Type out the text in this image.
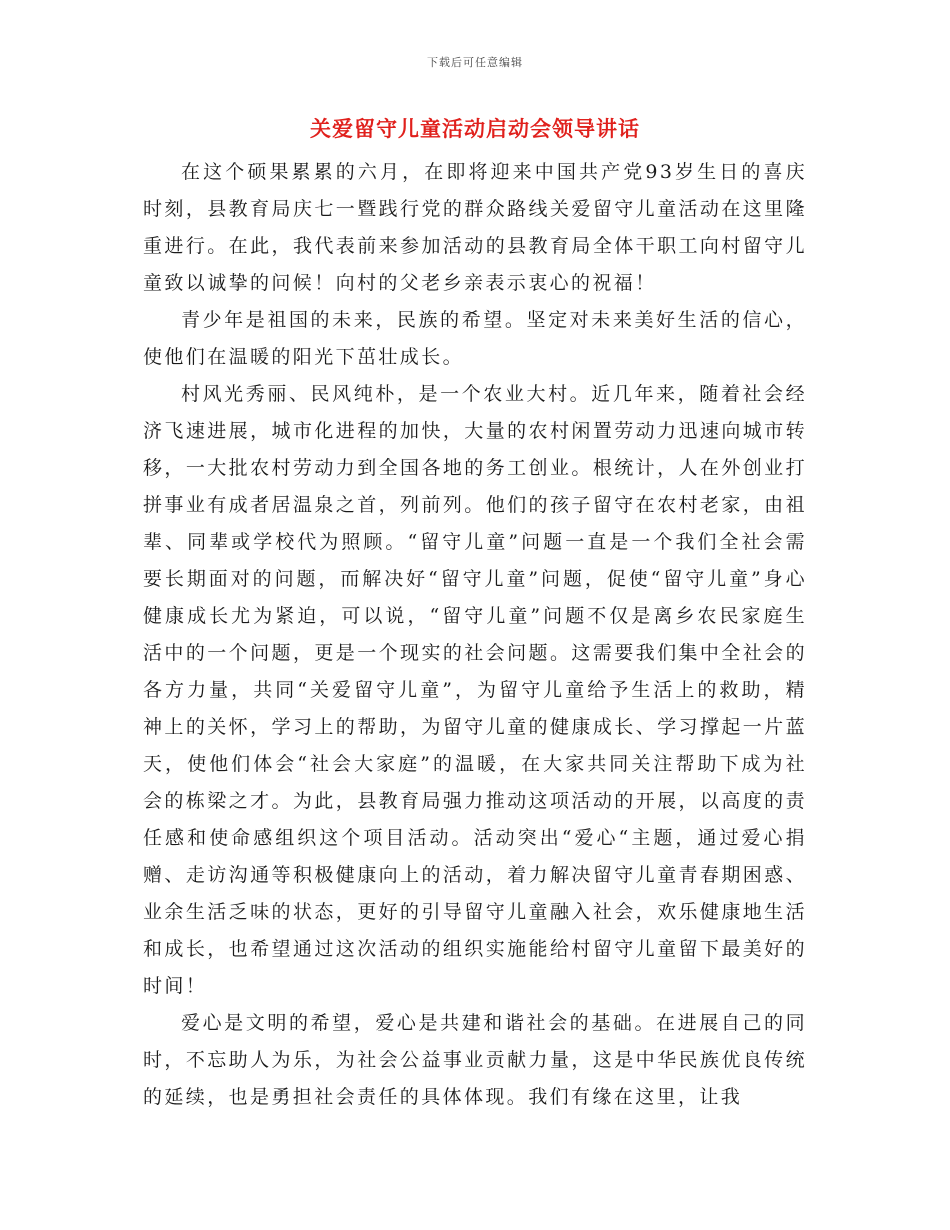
下载后可任意编辑
关爱留守儿童活动启动会领导讲话

在这个硕果累累的六月，在即将迎来中国共产党93岁生日的喜庆时刻，县教育局庆七一暨践行党的群众路线关爱留守儿童活动在这里隆重进行。在此，我代表前来参加活动的县教育局全体干职工向村留守儿童致以诚挚的问候！向村的父老乡亲表示衷心的祝福！

青少年是祖国的未来，民族的希望。坚定对未来美好生活的信心，使他们在温暖的阳光下茁壮成长。

村风光秀丽、民风纯朴，是一个农业大村。近几年来，随着社会经济飞速进展，城市化进程的加快，大量的农村闲置劳动力迅速向城市转移，一大批农村劳动力到全国各地的务工创业。根统计，人在外创业打拼事业有成者居温泉之首，列前列。他们的孩子留守在农村老家，由祖辈、同辈或学校代为照顾。“留守儿童”问题一直是一个我们全社会需要长期面对的问题，而解决好“留守儿童”问题，促使“留守儿童”身心健康成长尤为紧迫，可以说，“留守儿童”问题不仅是离乡农民家庭生活中的一个问题，更是一个现实的社会问题。这需要我们集中全社会的各方力量，共同“关爱留守儿童”，为留守儿童给予生活上的救助，精神上的关怀，学习上的帮助，为留守儿童的健康成长、学习撑起一片蓝天，使他们体会“社会大家庭”的温暖，在大家共同关注帮助下成为社会的栋梁之才。为此，县教育局强力推动这项活动的开展，以高度的责任感和使命感组织这个项目活动。活动突出“爱心“主题，通过爱心捐赠、走访沟通等积极健康向上的活动，着力解决留守儿童青春期困惑、业余生活乏味的状态，更好的引导留守儿童融入社会，欢乐健康地生活和成长，也希望通过这次活动的组织实施能给村留守儿童留下最美好的时间！

爱心是文明的希望，爱心是共建和谐社会的基础。在进展自己的同时，不忘助人为乐，为社会公益事业贡献力量，这是中华民族优良传统的延续，也是勇担社会责任的具体体现。我们有缘在这里，让我
